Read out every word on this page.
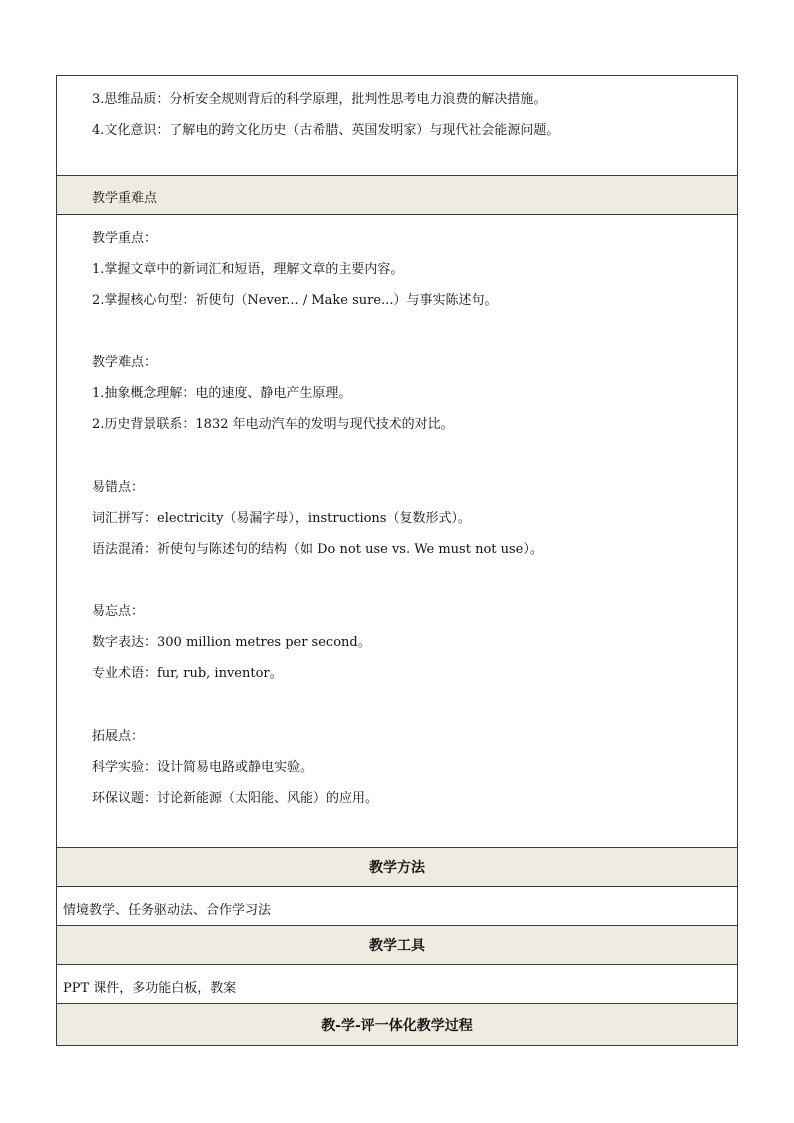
3.思维品质：分析安全规则背后的科学原理，批判性思考电力浪费的解决措施。
4.文化意识：了解电的跨文化历史（古希腊、英国发明家）与现代社会能源问题。
教学重难点
教学重点：
1.掌握文章中的新词汇和短语，理解文章的主要内容。
2.掌握核心句型：祈使句（Never... / Make sure...）与事实陈述句。
教学难点：
1.抽象概念理解：电的速度、静电产生原理。
2.历史背景联系：1832 年电动汽车的发明与现代技术的对比。
易错点：
词汇拼写：electricity（易漏字母），instructions（复数形式）。
语法混淆：祈使句与陈述句的结构（如 Do not use vs. We must not use）。
易忘点：
数字表达：300 million metres per second。
专业术语：fur, rub, inventor。
拓展点：
科学实验：设计简易电路或静电实验。
环保议题：讨论新能源（太阳能、风能）的应用。
教学方法
情境教学、任务驱动法、合作学习法
教学工具
PPT 课件，多功能白板，教案
教-学-评一体化教学过程
